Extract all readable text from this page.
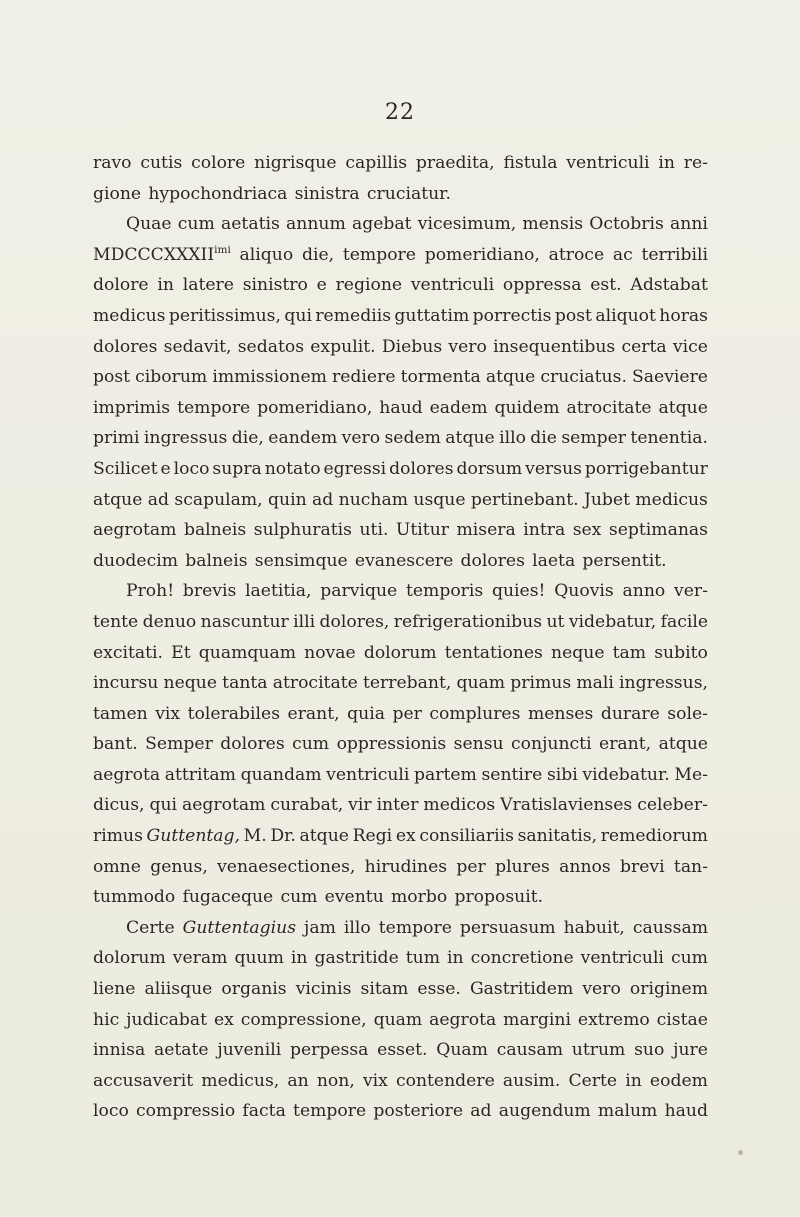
22
ravo cutis colore nigrisque capillis praedita, fistula ventriculi in re-
gione hypochondriaca sinistra cruciatur.
Quae cum aetatis annum agebat vicesimum, mensis Octobris anni
$MDCCCXXXII^{imi}$ aliquo die, tempore pomeridiano, atroce ac terribili
dolore in latere sinistro e regione ventriculi oppressa est. Adstabat
medicus peritissimus, qui remediis guttatim porrectis post aliquot horas
dolores sedavit, sedatos expulit. Diebus vero insequentibus certa vice
post ciborum immissionem rediere tormenta atque cruciatus. Saeviere
imprimis tempore pomeridiano, haud eadem quidem atrocitate atque
primi ingressus die, eandem vero sedem atque illo die semper tenentia.
Scilicet e loco supra notato egressi dolores dorsum versus porrigebantur
atque ad scapulam, quin ad nucham usque pertinebant. Jubet medicus
aegrotam balneis sulphuratis uti. Utitur misera intra sex septimanas
duodecim balneis sensimque evanescere dolores laeta persentit.
Proh! brevis laetitia, parvique temporis quies! Quovis anno ver-
tente denuo nascuntur illi dolores, refrigerationibus ut videbatur, facile
excitati. Et quamquam novae dolorum tentationes neque tam subito
incursu neque tanta atrocitate terrebant, quam primus mali ingressus,
tamen vix tolerabiles erant, quia per complures menses durare sole-
bant. Semper dolores cum oppressionis sensu conjuncti erant, atque
aegrota attritam quandam ventriculi partem sentire sibi videbatur. Me-
dicus, qui aegrotam curabat, vir inter medicos Vratislavienses celeber-
rimus Guttentag, M. Dr. atque Regi ex consiliariis sanitatis, remediorum
omne genus, venaesectiones, hirudines per plures annos brevi tan-
tummodo fugaceque cum eventu morbo proposuit.
Certe Guttentagius jam illo tempore persuasum habuit, caussam
dolorum veram quum in gastritide tum in concretione ventriculi cum
liene aliisque organis vicinis sitam esse. Gastritidem vero originem
hic judicabat ex compressione, quam aegrota margini extremo cistae
innisa aetate juvenili perpessa esset. Quam causam utrum suo jure
accusaverit medicus, an non, vix contendere ausim. Certe in eodem
loco compressio facta tempore posteriore ad augendum malum haud
